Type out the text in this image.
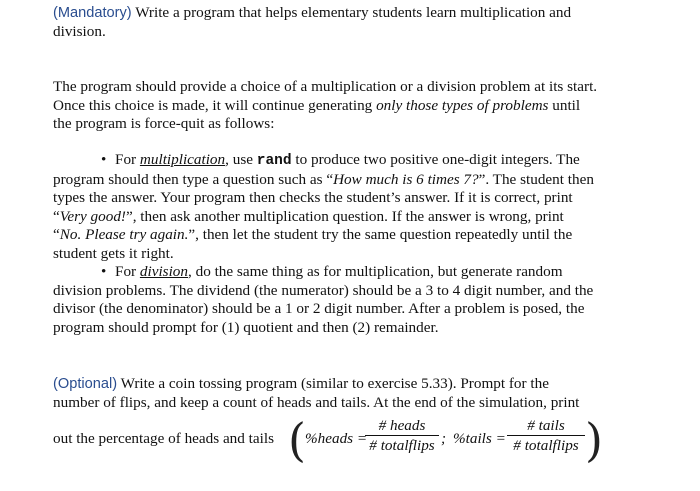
(Mandatory) Write a program that helps elementary students learn multiplication and
division.
The program should provide a choice of a multiplication or a division problem at its start.
Once this choice is made, it will continue generating only those types of problems until
the program is force-quit as follows:
• For multiplication, use rand to produce two positive one-digit integers. The
program should then type a question such as “How much is 6 times 7?”. The student then
types the answer. Your program then checks the student’s answer. If it is correct, print
“Very good!”, then ask another multiplication question. If the answer is wrong, print
“No. Please try again.”, then let the student try the same question repeatedly until the
student gets it right.
• For division, do the same thing as for multiplication, but generate random
division problems. The dividend (the numerator) should be a 3 to 4 digit number, and the
divisor (the denominator) should be a 1 or 2 digit number. After a problem is posed, the
program should prompt for (1) quotient and then (2) remainder.
(Optional) Write a coin tossing program (similar to exercise 5.33). Prompt for the
number of flips, and keep a count of heads and tails. At the end of the simulation, print
out the percentage of heads and tails ( %heads =
# heads
# totalflips ; %tails =
# tails
# totalflips )
